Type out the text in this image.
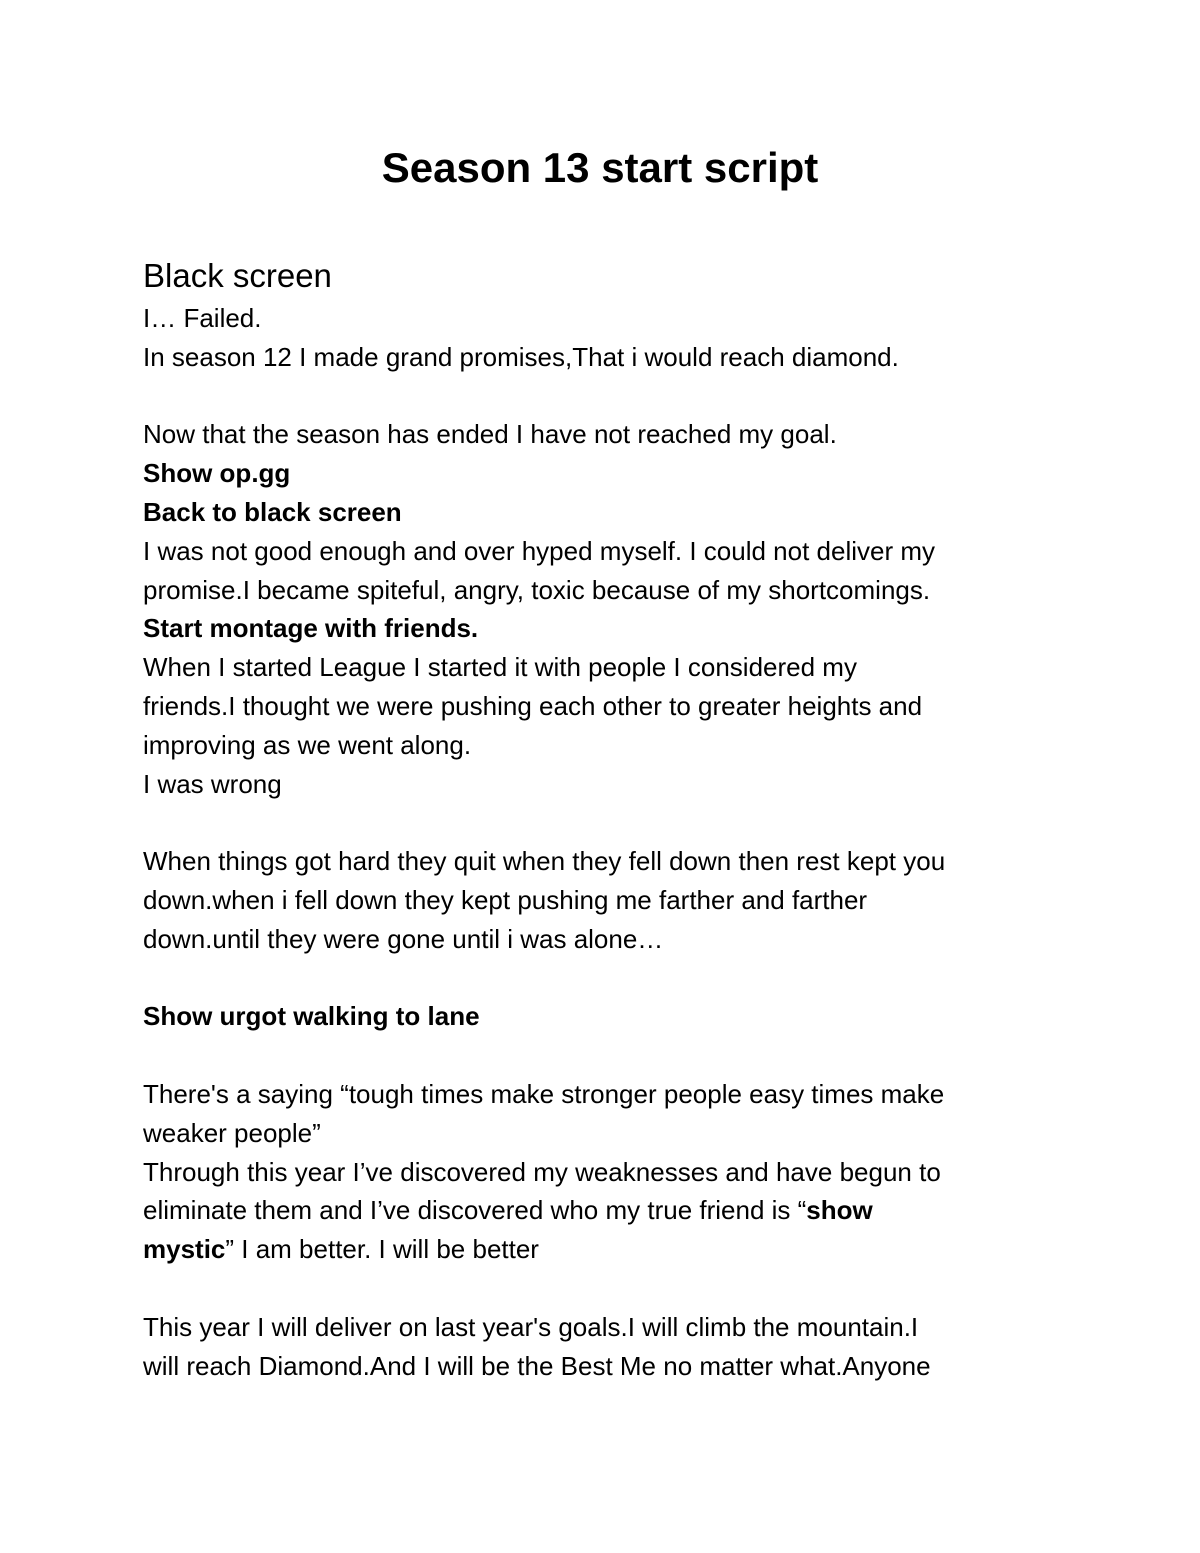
Season 13 start script
Black screen

I… Failed.

In season 12 I made grand promises,That i would reach diamond.

Now that the season has ended I have not reached my goal.

Show op.gg

Back to black screen

I was not good enough and over hyped myself. I could not deliver my

promise.I became spiteful, angry, toxic because of my shortcomings.

Start montage with friends.

When I started League I started it with people I considered my

friends.I thought we were pushing each other to greater heights and

improving as we went along.

I was wrong

When things got hard they quit when they fell down then rest kept you

down.when i fell down they kept pushing me farther and farther

down.until they were gone until i was alone…

Show urgot walking to lane

There's a saying “tough times make stronger people easy times make

weaker people”

Through this year I’ve discovered my weaknesses and have begun to

eliminate them and I’ve discovered who my true friend is “show

mystic” I am better. I will be better

This year I will deliver on last year's goals.I will climb the mountain.I

will reach Diamond.And I will be the Best Me no matter what.Anyone
